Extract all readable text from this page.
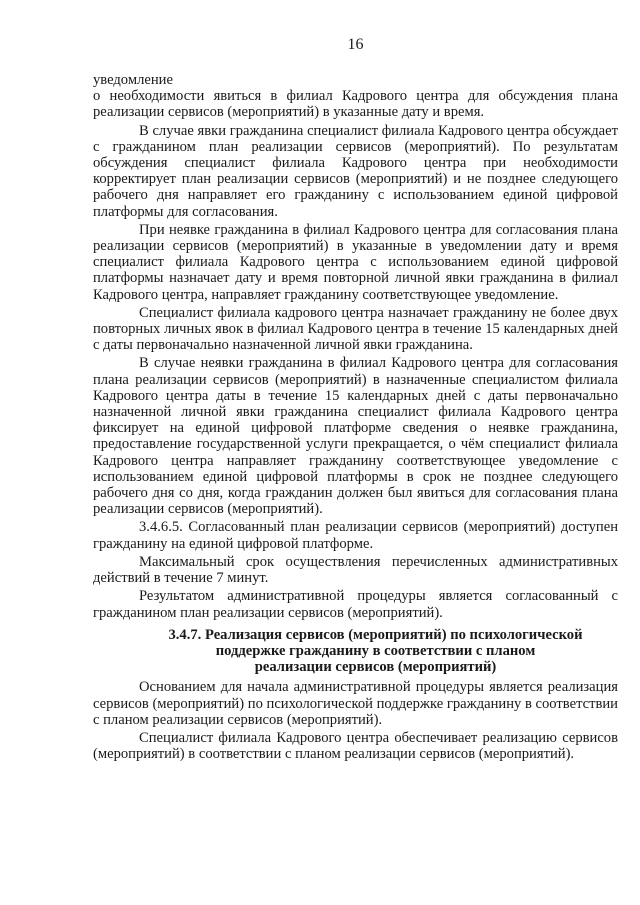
16

уведомление

о необходимости явиться в филиал Кадрового центра для обсуждения плана реализации сервисов (мероприятий) в указанные дату и время.

В случае явки гражданина специалист филиала Кадрового центра обсуждает с гражданином план реализации сервисов (мероприятий). По результатам обсуждения специалист филиала Кадрового центра при необходимости корректирует план реализации сервисов (мероприятий) и не позднее следующего рабочего дня направляет его гражданину с использованием единой цифровой платформы для согласования.

При неявке гражданина в филиал Кадрового центра для согласования плана реализации сервисов (мероприятий) в указанные в уведомлении дату и время специалист филиала Кадрового центра с использованием единой цифровой платформы назначает дату и время повторной личной явки гражданина в филиал Кадрового центра, направляет гражданину соответствующее уведомление.

Специалист филиала кадрового центра назначает гражданину не более двух повторных личных явок в филиал Кадрового центра в течение 15 календарных дней с даты первоначально назначенной личной явки гражданина.

В случае неявки гражданина в филиал Кадрового центра для согласования плана реализации сервисов (мероприятий) в назначенные специалистом филиала Кадрового центра даты в течение 15 календарных дней с даты первоначально назначенной личной явки гражданина специалист филиала Кадрового центра фиксирует на единой цифровой платформе сведения о неявке гражданина, предоставление государственной услуги прекращается, о чём специалист филиала Кадрового центра направляет гражданину соответствующее уведомление с использованием единой цифровой платформы в срок не позднее следующего рабочего дня со дня, когда гражданин должен был явиться для согласования плана реализации сервисов (мероприятий).

3.4.6.5. Согласованный план реализации сервисов (мероприятий) доступен гражданину на единой цифровой платформе.

Максимальный срок осуществления перечисленных административных действий в течение 7 минут.

Результатом административной процедуры является согласованный с гражданином план реализации сервисов (мероприятий).

3.4.7. Реализация сервисов (мероприятий) по психологической
поддержке гражданину в соответствии с планом
реализации сервисов (мероприятий)

Основанием для начала административной процедуры является реализация сервисов (мероприятий) по психологической поддержке гражданину в соответствии с планом реализации сервисов (мероприятий).

Специалист филиала Кадрового центра обеспечивает реализацию сервисов (мероприятий) в соответствии с планом реализации сервисов (мероприятий).
